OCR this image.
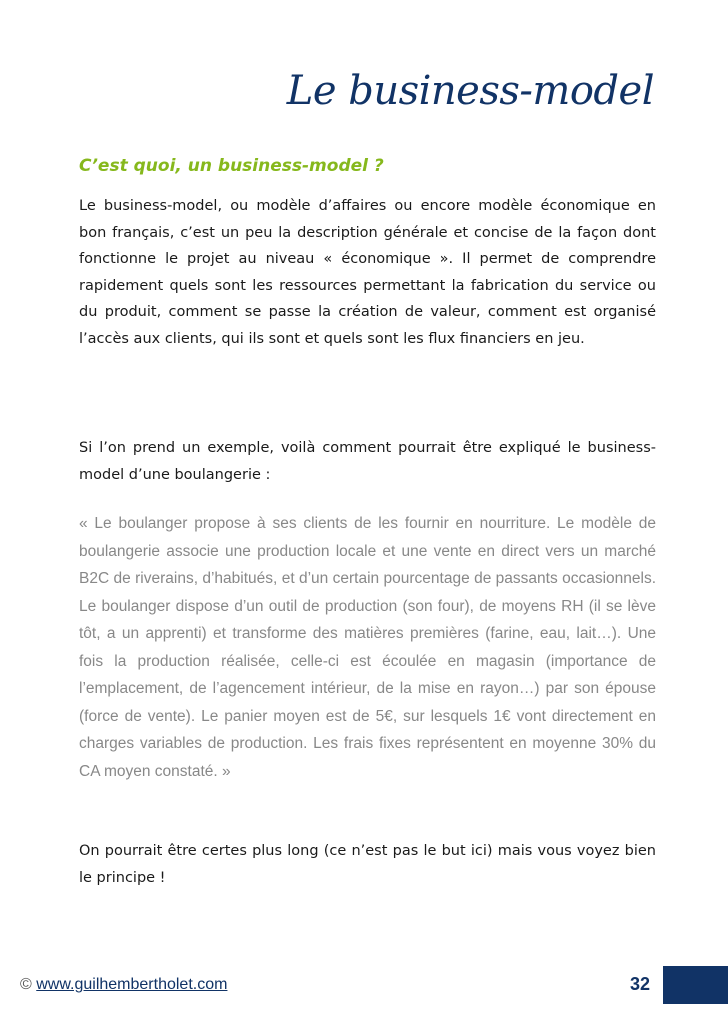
Le business-model
C’est quoi, un business-model ?

Le business-model, ou modèle d’affaires ou encore modèle économique en bon français, c’est un peu la description générale et concise de la façon dont fonctionne le projet au niveau « économique ». Il permet de comprendre rapidement quels sont les ressources permettant la fabrication du service ou du produit, comment se passe la création de valeur, comment est organisé l’accès aux clients, qui ils sont et quels sont les flux financiers en jeu.

Si l’on prend un exemple, voilà comment pourrait être expliqué le business-model d’une boulangerie :

« Le boulanger propose à ses clients de les fournir en nourriture. Le modèle de boulangerie associe une production locale et une vente en direct vers un marché B2C de riverains, d’habitués, et d’un certain pourcentage de passants occasionnels. Le boulanger dispose d’un outil de production (son four), de moyens RH (il se lève tôt, a un apprenti) et transforme des matières premières (farine, eau, lait…). Une fois la production réalisée, celle-ci est écoulée en magasin (importance de l’emplacement, de l’agencement intérieur, de la mise en rayon…) par son épouse (force de vente). Le panier moyen est de 5€, sur lesquels 1€ vont directement en charges variables de production. Les frais fixes représentent en moyenne 30% du CA moyen constaté. »

On pourrait être certes plus long (ce n’est pas le but ici) mais vous voyez bien le principe !

© www.guilhembertholet.com	32
